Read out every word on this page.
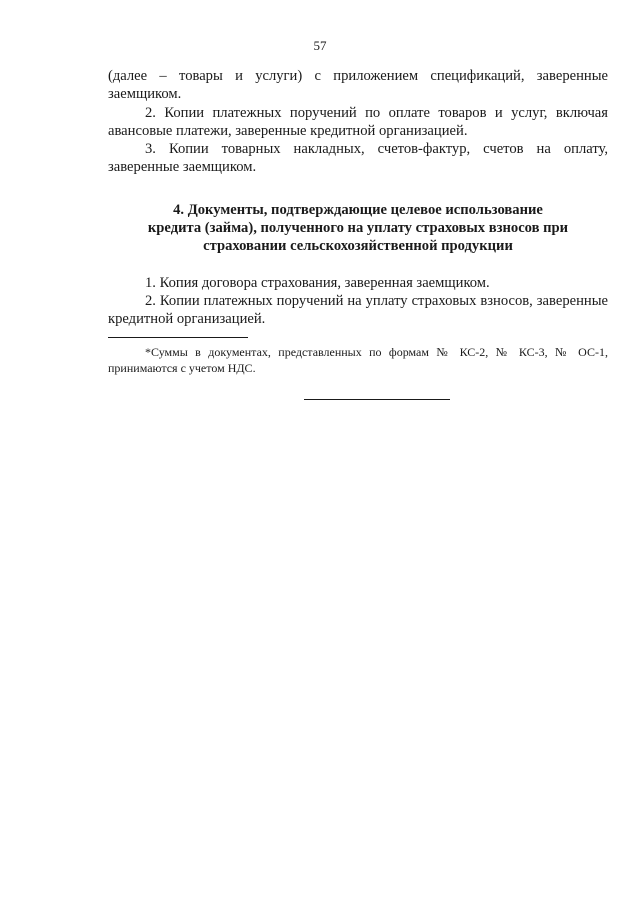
57

(далее – товары и услуги) с приложением спецификаций, заверенные заемщиком.

2. Копии платежных поручений по оплате товаров и услуг, включая авансовые платежи, заверенные кредитной организацией.

3. Копии товарных накладных, счетов-фактур, счетов на оплату, заверенные заемщиком.

4. Документы, подтверждающие целевое использование
кредита (займа), полученного на уплату страховых взносов при
страховании сельскохозяйственной продукции

1. Копия договора страхования, заверенная заемщиком.

2. Копии платежных поручений на уплату страховых взносов, заверенные кредитной организацией.

*Суммы в документах, представленных по формам № КС-2, № КС-3, № ОС-1, принимаются с учетом НДС.
